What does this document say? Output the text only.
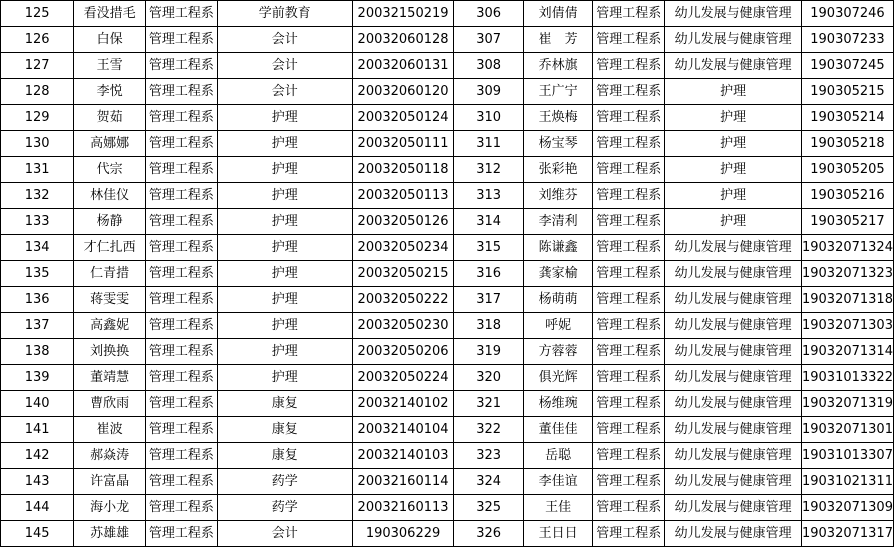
125	看没措毛	管理工程系	学前教育	20032150219	306	刘倩倩	管理工程系	幼儿发展与健康管理	190307246
126	白保	管理工程系	会计	20032060128	307	崔　芳	管理工程系	幼儿发展与健康管理	190307233
127	王雪	管理工程系	会计	20032060131	308	乔林旗	管理工程系	幼儿发展与健康管理	190307245
128	李悦	管理工程系	会计	20032060120	309	王广宁	管理工程系	护理	190305215
129	贺茹	管理工程系	护理	20032050124	310	王焕梅	管理工程系	护理	190305214
130	高娜娜	管理工程系	护理	20032050111	311	杨宝琴	管理工程系	护理	190305218
131	代宗	管理工程系	护理	20032050118	312	张彩艳	管理工程系	护理	190305205
132	林佳仪	管理工程系	护理	20032050113	313	刘维芬	管理工程系	护理	190305216
133	杨静	管理工程系	护理	20032050126	314	李清利	管理工程系	护理	190305217
134	才仁扎西	管理工程系	护理	20032050234	315	陈谦鑫	管理工程系	幼儿发展与健康管理	19032071324
135	仁青措	管理工程系	护理	20032050215	316	龚家榆	管理工程系	幼儿发展与健康管理	19032071323
136	蒋雯雯	管理工程系	护理	20032050222	317	杨萌萌	管理工程系	幼儿发展与健康管理	19032071318
137	高鑫妮	管理工程系	护理	20032050230	318	呼妮	管理工程系	幼儿发展与健康管理	19032071303
138	刘换换	管理工程系	护理	20032050206	319	方蓉蓉	管理工程系	幼儿发展与健康管理	19032071314
139	董靖慧	管理工程系	护理	20032050224	320	俱光辉	管理工程系	幼儿发展与健康管理	19031013322
140	曹欣雨	管理工程系	康复	20032140102	321	杨维琬	管理工程系	幼儿发展与健康管理	19032071319
141	崔波	管理工程系	康复	20032140104	322	董佳佳	管理工程系	幼儿发展与健康管理	19032071301
142	郝焱涛	管理工程系	康复	20032140103	323	岳聪	管理工程系	幼儿发展与健康管理	19031013307
143	许富晶	管理工程系	药学	20032160114	324	李佳谊	管理工程系	幼儿发展与健康管理	19031021311
144	海小龙	管理工程系	药学	20032160113	325	王佳	管理工程系	幼儿发展与健康管理	19032071309
145	苏雄雄	管理工程系	会计	190306229	326	王日日	管理工程系	幼儿发展与健康管理	19032071317
